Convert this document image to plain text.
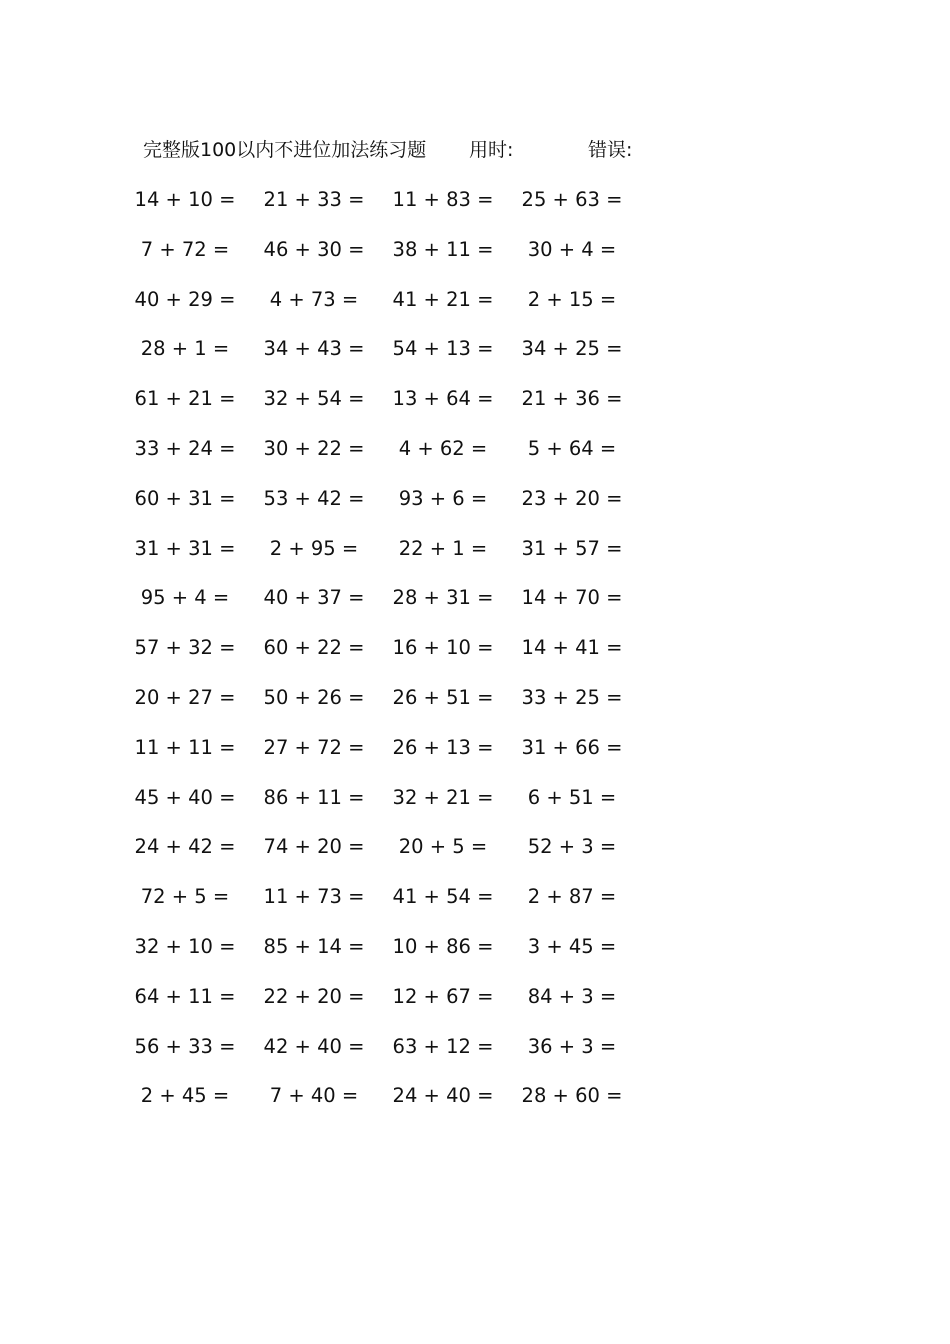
完整版100以内不进位加法练习题 用时:	错误:
14 + 10 = 21 + 33 = 11 + 83 = 25 + 63 =
7 + 72 =	46 + 30 = 38 + 11 =	30 + 4 =
40 + 29 =	4 + 73 =	41 + 21 =	2 + 15 =
28 + 1 =	34 + 43 = 54 + 13 = 34 + 25 =
61 + 21 = 32 + 54 = 13 + 64 = 21 + 36 =
33 + 24 = 30 + 22 =	4 + 62 =	5 + 64 =
60 + 31 = 53 + 42 =	93 + 6 =	23 + 20 =
31 + 31 =	2 + 95 =	22 + 1 =	31 + 57 =
95 + 4 =	40 + 37 = 28 + 31 = 14 + 70 =
57 + 32 = 60 + 22 = 16 + 10 = 14 + 41 =
20 + 27 = 50 + 26 = 26 + 51 = 33 + 25 =
11 + 11 = 27 + 72 = 26 + 13 = 31 + 66 =
45 + 40 = 86 + 11 = 32 + 21 =	6 + 51 =
24 + 42 = 74 + 20 =	20 + 5 =	52 + 3 =
72 + 5 =	11 + 73 = 41 + 54 =	2 + 87 =
32 + 10 = 85 + 14 = 10 + 86 =	3 + 45 =
64 + 11 = 22 + 20 = 12 + 67 =	84 + 3 =
56 + 33 = 42 + 40 = 63 + 12 =	36 + 3 =
2 + 45 =	7 + 40 =	24 + 40 = 28 + 60 =
